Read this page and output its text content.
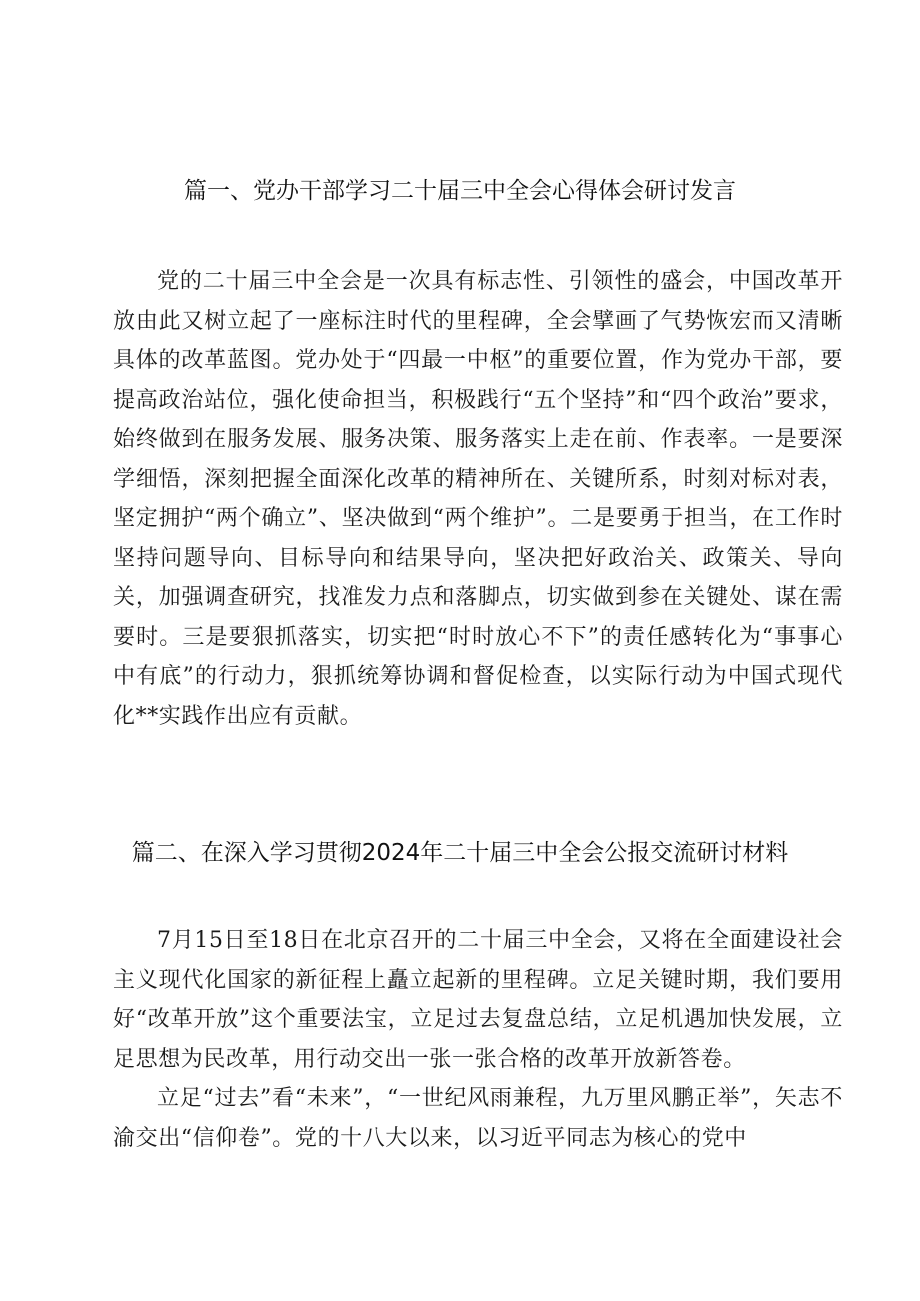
篇一、党办干部学习二十届三中全会心得体会研讨发言

党的二十届三中全会是一次具有标志性、引领性的盛会，中国改革开放由此又树立起了一座标注时代的里程碑，全会擘画了气势恢宏而又清晰具体的改革蓝图。党办处于“四最一中枢”的重要位置，作为党办干部，要提高政治站位，强化使命担当，积极践行“五个坚持”和“四个政治”要求，始终做到在服务发展、服务决策、服务落实上走在前、作表率。一是要深学细悟，深刻把握全面深化改革的精神所在、关键所系，时刻对标对表，坚定拥护“两个确立”、坚决做到“两个维护”。二是要勇于担当，在工作时坚持问题导向、目标导向和结果导向，坚决把好政治关、政策关、导向关，加强调查研究，找准发力点和落脚点，切实做到参在关键处、谋在需要时。三是要狠抓落实，切实把“时时放心不下”的责任感转化为“事事心中有底”的行动力，狠抓统筹协调和督促检查，以实际行动为中国式现代化**实践作出应有贡献。

篇二、在深入学习贯彻2024年二十届三中全会公报交流研讨材料

7月15日至18日在北京召开的二十届三中全会，又将在全面建设社会主义现代化国家的新征程上矗立起新的里程碑。立足关键时期，我们要用好“改革开放”这个重要法宝，立足过去复盘总结，立足机遇加快发展，立足思想为民改革，用行动交出一张一张合格的改革开放新答卷。

立足“过去”看“未来”，“一世纪风雨兼程，九万里风鹏正举”，矢志不渝交出“信仰卷”。党的十八大以来，以习近平同志为核心的党中
